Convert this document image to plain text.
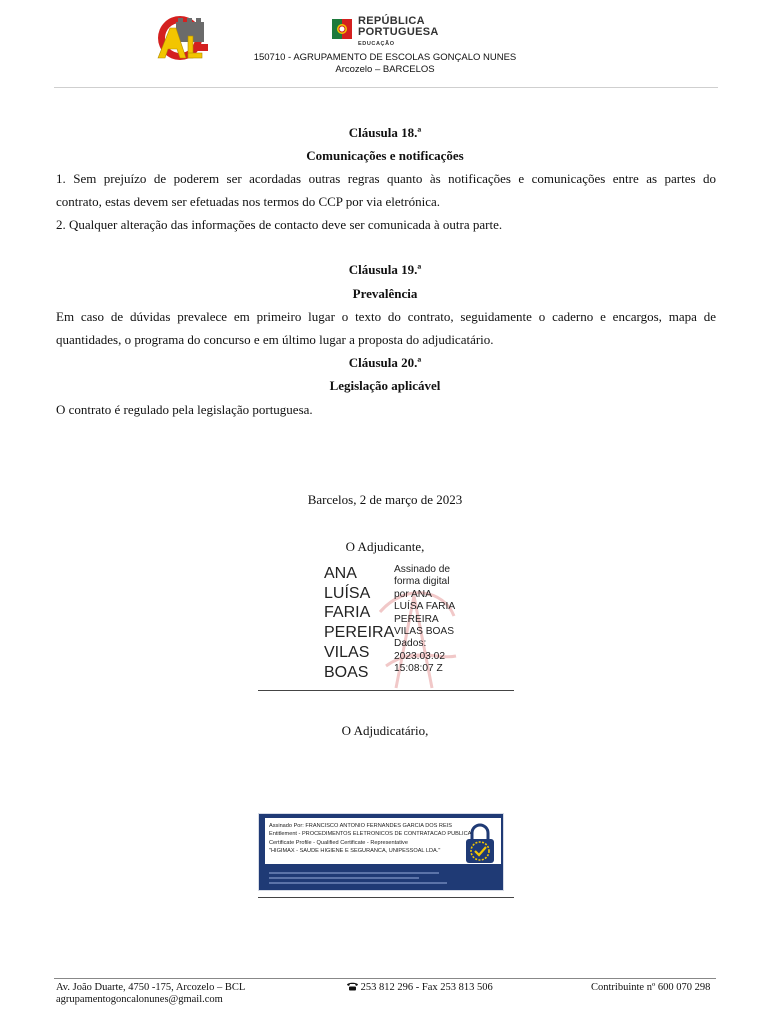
REPÚBLICA
PORTUGUESA
EDUCAÇÃO
150710 - AGRUPAMENTO DE ESCOLAS GONÇALO NUNES
Arcozelo – BARCELOS
Cláusula 18.ª
Comunicações e notificações
1. Sem prejuízo de poderem ser acordadas outras regras quanto às notificações e comunicações entre as partes do
contrato, estas devem ser efetuadas nos termos do CCP por via eletrónica.
2. Qualquer alteração das informações de contacto deve ser comunicada à outra parte.
Cláusula 19.ª
Prevalência
Em caso de dúvidas prevalece em primeiro lugar o texto do contrato, seguidamente o caderno e encargos, mapa de
quantidades, o programa do concurso e em último lugar a proposta do adjudicatário.
Cláusula 20.ª
Legislação aplicável
O contrato é regulado pela legislação portuguesa.
Barcelos, 2 de março de 2023
O Adjudicante,
ANA
LUÍSA
FARIA
PEREIRA
VILAS
BOAS
Assinado de
forma digital
por ANA
LUÍSA FARIA
PEREIRA
VILAS BOAS
Dados:
2023.03.02
15:08:07 Z
O Adjudicatário,
Assinado Por: FRANCISCO ANTONIO FERNANDES GARCIA DOS REIS
Entitlement - PROCEDIMENTOS ELETRONICOS DE CONTRATACAO PUBLICA
Certificate Profile - Qualified Certificate - Representative
"HIGIMAX - SAUDE HIGIENE E SEGURANCA, UNIPESSOAL LDA."
Av. João Duarte, 4750 -175, Arcozelo – BCL
agrupamentogoncalonunes@gmail.com
253 812 296 - Fax 253 813 506	Contribuinte nº 600 070 298
